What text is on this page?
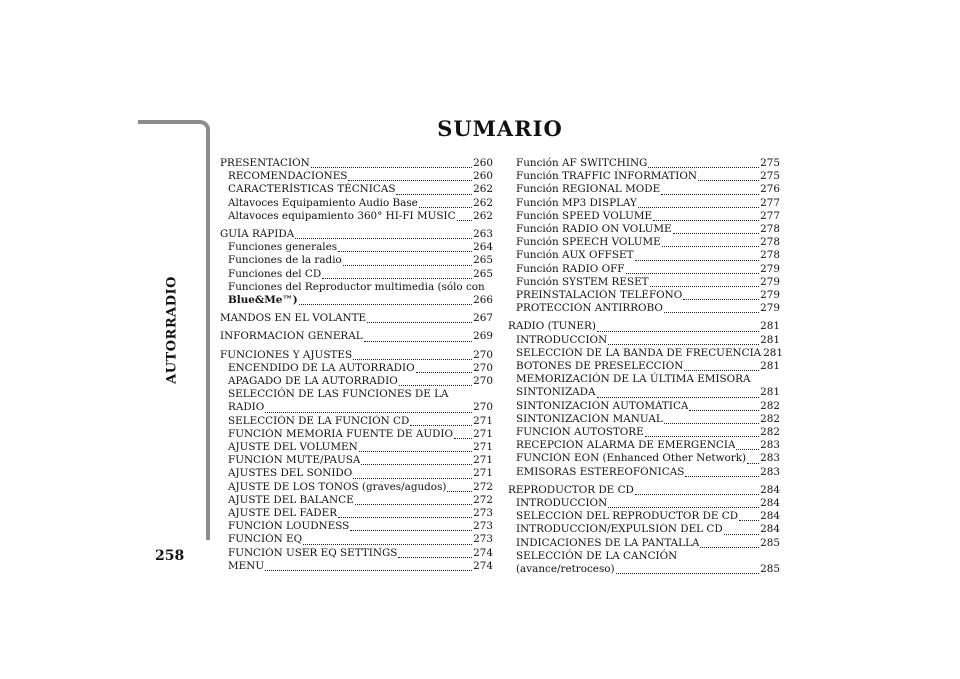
AUTORRADIO
258
SUMARIO
PRESENTACIÓN	260
RECOMENDACIONES	260
CARACTERÍSTICAS TÉCNICAS	262
Altavoces Equipamiento Audio Base	262
Altavoces equipamiento 360° HI-FI MUSIC 262
GUÍA RÁPIDA	263
Funciones generales	264
Funciones de la radio	265
Funciones del CD	265
Funciones del Reproductor multimedia (sólo con
Blue&Me™)	266
MANDOS EN EL VOLANTE	267
INFORMACIÓN GENERAL	269
FUNCIONES Y AJUSTES	270
ENCENDIDO DE LA AUTORRADIO	270
APAGADO DE LA AUTORRADIO	270
SELECCIÓN DE LAS FUNCIONES DE LA
RADIO	270
SELECCIÓN DE LA FUNCIÓN CD	271
FUNCIÓN MEMORIA FUENTE DE AUDIO 271
AJUSTE DEL VOLUMEN	271
FUNCIÓN MUTE/PAUSA	271
AJUSTES DEL SONIDO	271
AJUSTE DE LOS TONOS (graves/agudos)	272
AJUSTE DEL BALANCE	272
AJUSTE DEL FADER	273
FUNCIÓN LOUDNESS	273
FUNCIÓN EQ	273
FUNCIÓN USER EQ SETTINGS	274
MENU	274
Función AF SWITCHING	275
Función TRAFFIC INFORMATION	275
Función REGIONAL MODE	276
Función MP3 DISPLAY	277
Función SPEED VOLUME	277
Función RADIO ON VOLUME	278
Función SPEECH VOLUME	278
Función AUX OFFSET	278
Función RADIO OFF	279
Función SYSTEM RESET	279
PREINSTALACIÓN TELÉFONO	279
PROTECCIÓN ANTIRROBO	279
RADIO (TUNER)	281
INTRODUCCIÓN	281
SELECCIÓN DE LA BANDA DE FRECUENCIA 281
BOTONES DE PRESELECCIÓN	281
MEMORIZACIÓN DE LA ÚLTIMA EMISORA
SINTONIZADA	281
SINTONIZACIÓN AUTOMÁTICA	282
SINTONIZACIÓN MANUAL	282
FUNCIÓN AUTOSTORE	282
RECEPCIÓN ALARMA DE EMERGENCIA 283
FUNCIÓN EON (Enhanced Other Network) 283
EMISORAS ESTEREOFÓNICAS	283
REPRODUCTOR DE CD	284
INTRODUCCIÓN	284
SELECCIÓN DEL REPRODUCTOR DE CD 284
INTRODUCCIÓN/EXPULSIÓN DEL CD	284
INDICACIONES DE LA PANTALLA	285
SELECCIÓN DE LA CANCIÓN
(avance/retroceso)	285
